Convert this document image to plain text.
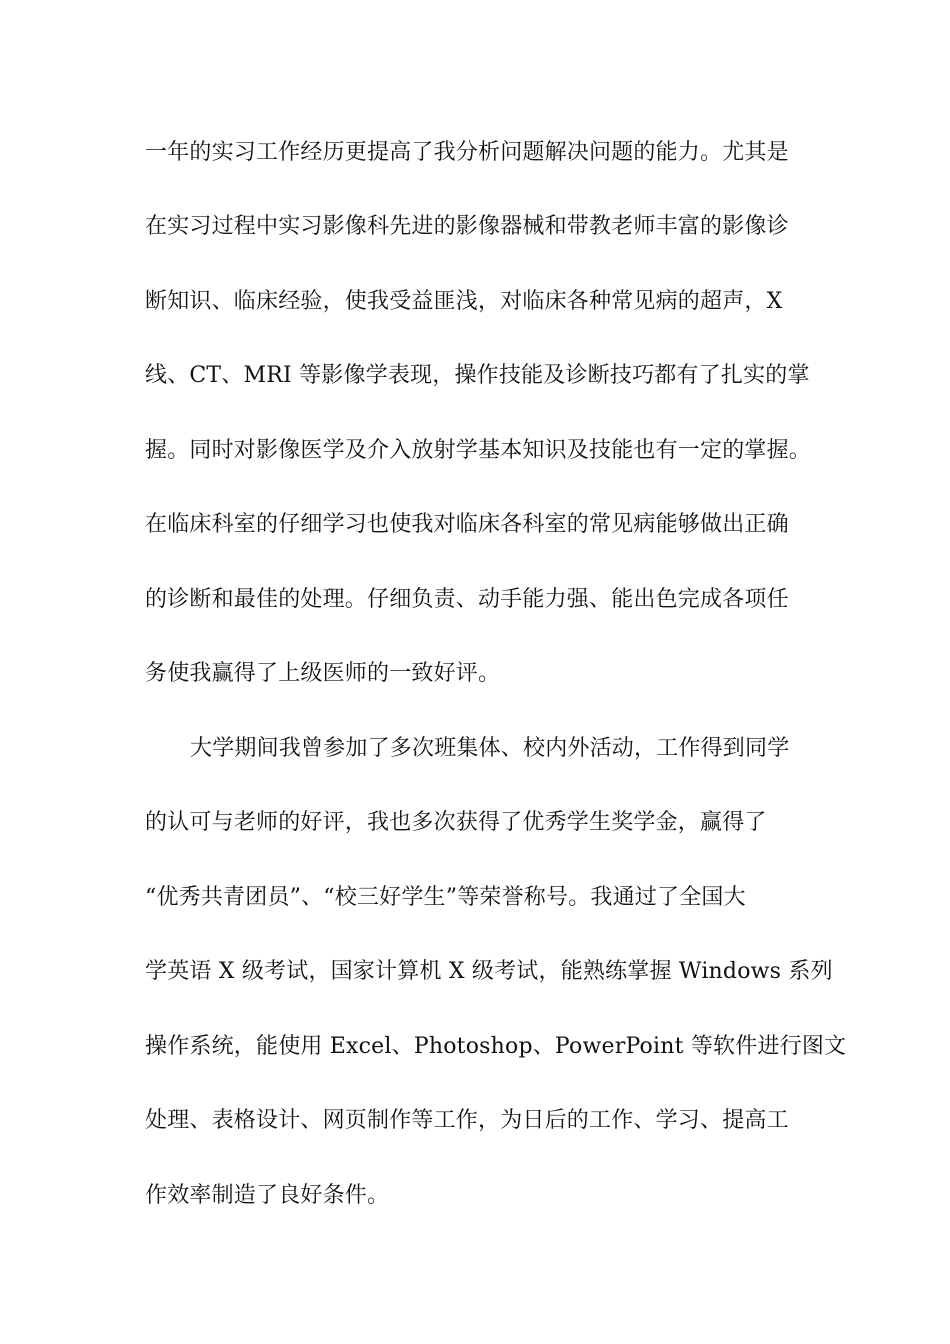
一年的实习工作经历更提高了我分析问题解决问题的能力。尤其是
在实习过程中实习影像科先进的影像器械和带教老师丰富的影像诊
断知识、临床经验，使我受益匪浅，对临床各种常见病的超声，X
线、CT、MRI 等影像学表现，操作技能及诊断技巧都有了扎实的掌
握。同时对影像医学及介入放射学基本知识及技能也有一定的掌握。
在临床科室的仔细学习也使我对临床各科室的常见病能够做出正确
的诊断和最佳的处理。仔细负责、动手能力强、能出色完成各项任
务使我赢得了上级医师的一致好评。
大学期间我曾参加了多次班集体、校内外活动，工作得到同学
的认可与老师的好评，我也多次获得了优秀学生奖学金，赢得了
“优秀共青团员”、“校三好学生”等荣誉称号。我通过了全国大
学英语 X 级考试，国家计算机 X 级考试，能熟练掌握 Windows 系列
操作系统，能使用 Excel、Photoshop、PowerPoint 等软件进行图文
处理、表格设计、网页制作等工作，为日后的工作、学习、提高工
作效率制造了良好条件。
